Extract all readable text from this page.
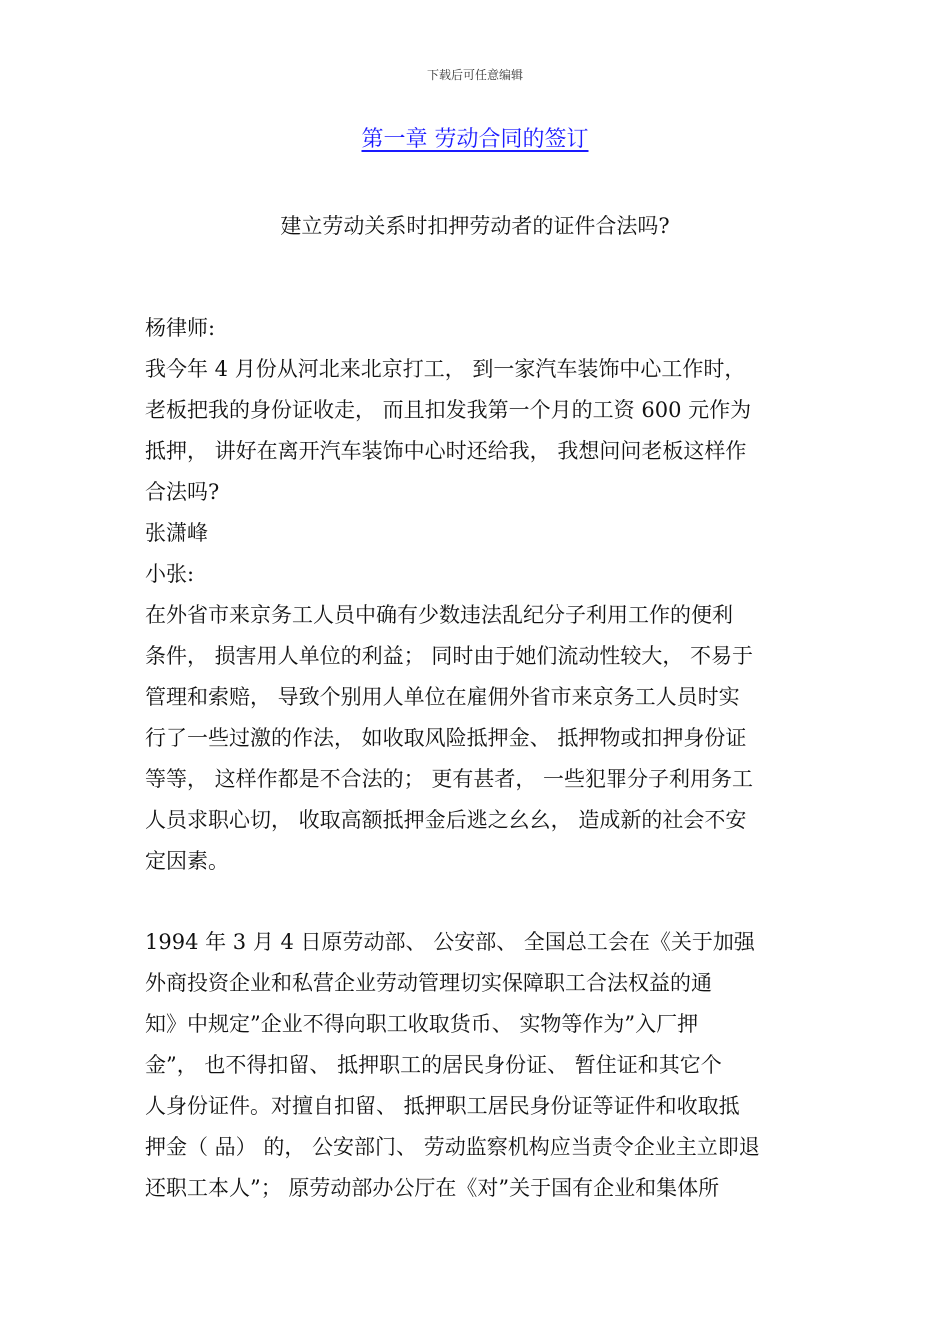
下载后可任意编辑
第一章 劳动合同的签订
建立劳动关系时扣押劳动者的证件合法吗?
杨律师:
我今年 4 月份从河北来北京打工， 到一家汽车装饰中心工作时，
老板把我的身份证收走， 而且扣发我第一个月的工资 600 元作为
抵押， 讲好在离开汽车装饰中心时还给我， 我想问问老板这样作
合法吗?
张潇峰
小张:
在外省市来京务工人员中确有少数违法乱纪分子利用工作的便利
条件， 损害用人单位的利益； 同时由于她们流动性较大， 不易于
管理和索赔， 导致个别用人单位在雇佣外省市来京务工人员时实
行了一些过激的作法， 如收取风险抵押金、 抵押物或扣押身份证
等等， 这样作都是不合法的； 更有甚者， 一些犯罪分子利用务工
人员求职心切， 收取高额抵押金后逃之幺幺， 造成新的社会不安
定因素。
1994 年 3 月 4 日原劳动部、 公安部、 全国总工会在《关于加强
外商投资企业和私营企业劳动管理切实保障职工合法权益的通
知》中规定”企业不得向职工收取货币、 实物等作为”入厂押
金”， 也不得扣留、 抵押职工的居民身份证、 暂住证和其它个
人身份证件。对擅自扣留、 抵押职工居民身份证等证件和收取抵
押金（ 品） 的， 公安部门、 劳动监察机构应当责令企业主立即退
还职工本人”； 原劳动部办公厅在《对”关于国有企业和集体所
